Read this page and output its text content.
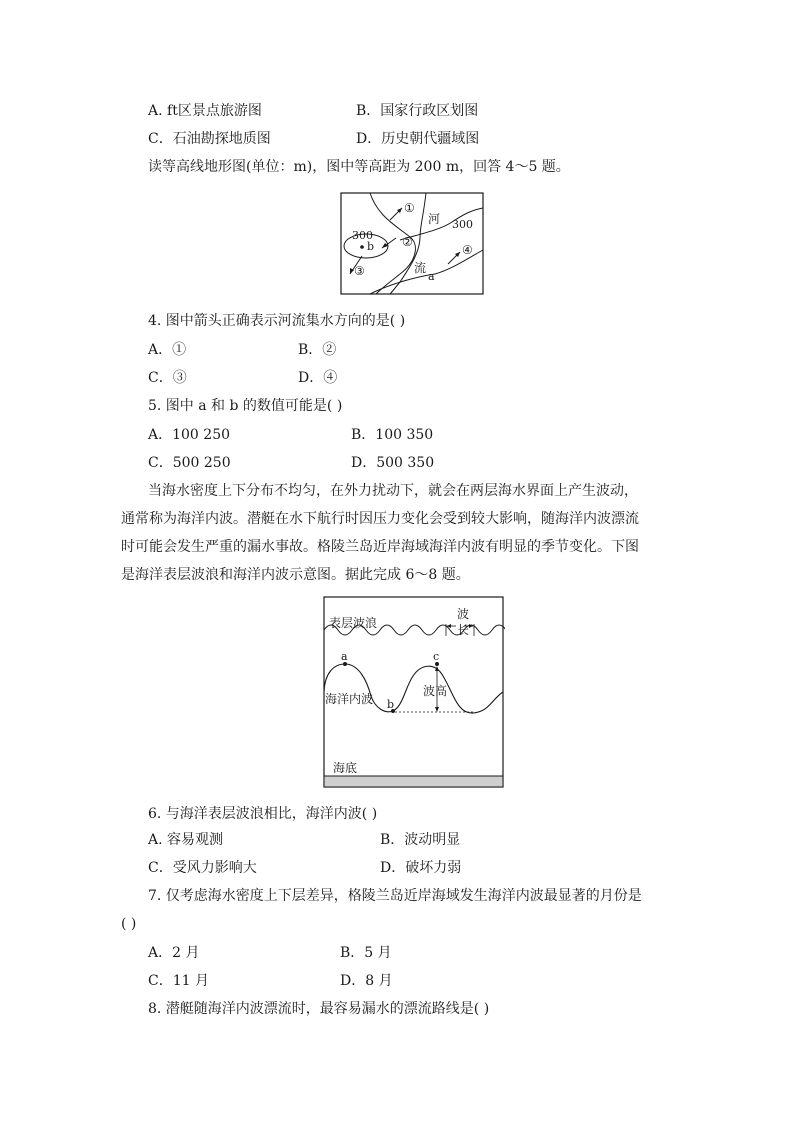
A. ft区景点旅游图	B．国家行政区划图
C．石油勘探地质图	D．历史朝代疆域图
读等高线地形图(单位：m)，图中等高距为 200 m，回答 4～5 题。
①
②
③
④
河
流
300
300
b
a
4. 图中箭头正确表示河流集水方向的是( )
A．①	B．②
C．③	D．④
5. 图中 a 和 b 的数值可能是( )
A．100 250	B．100 350
C．500 250	D．500 350
当海水密度上下分布不均匀，在外力扰动下，就会在两层海水界面上产生波动，
通常称为海洋内波。潜艇在水下航行时因压力变化会受到较大影响，随海洋内波漂流
时可能会发生严重的漏水事故。格陵兰岛近岸海域海洋内波有明显的季节变化。下图
是海洋表层波浪和海洋内波示意图。据此完成 6～8 题。
表层波浪
波
长
a	c
b
波高
海洋内波
海底
6. 与海洋表层波浪相比，海洋内波( )
A. 容易观测	B．波动明显
C．受风力影响大	D．破坏力弱
7. 仅考虑海水密度上下层差异，格陵兰岛近岸海域发生海洋内波最显著的月份是
( )
A．2 月	B．5 月
C．11 月	D．8 月
8. 潜艇随海洋内波漂流时，最容易漏水的漂流路线是( )
